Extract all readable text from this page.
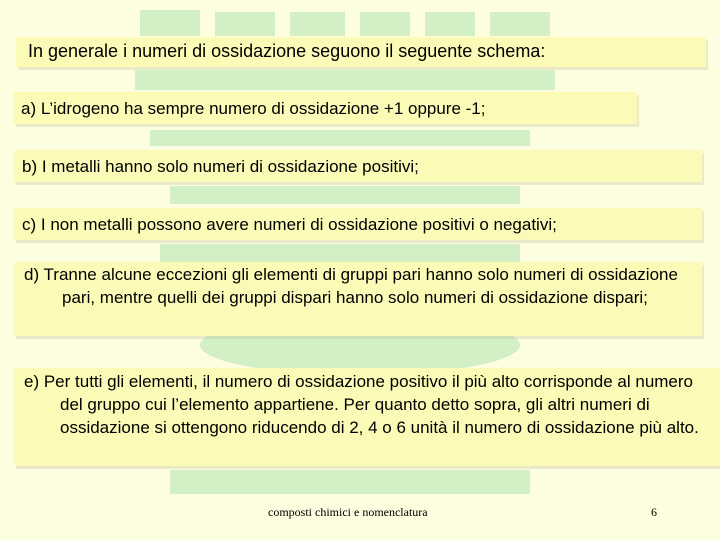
In generale i numeri di ossidazione seguono il seguente schema:
a) L’idrogeno ha sempre numero di ossidazione +1 oppure -1;
b) I metalli hanno solo numeri di ossidazione positivi;
c) I non metalli possono avere numeri di ossidazione positivi o negativi;
d) Tranne alcune eccezioni gli elementi di gruppi pari hanno solo numeri di ossidazione pari, mentre quelli dei gruppi dispari hanno solo numeri di ossidazione dispari;
e) Per tutti gli elementi, il numero di ossidazione positivo il più alto corrisponde al numero del gruppo cui l’elemento appartiene. Per quanto detto sopra, gli altri numeri di ossidazione si ottengono riducendo di 2, 4 o 6 unità il numero di ossidazione più alto.
composti chimici e nomenclatura	6
